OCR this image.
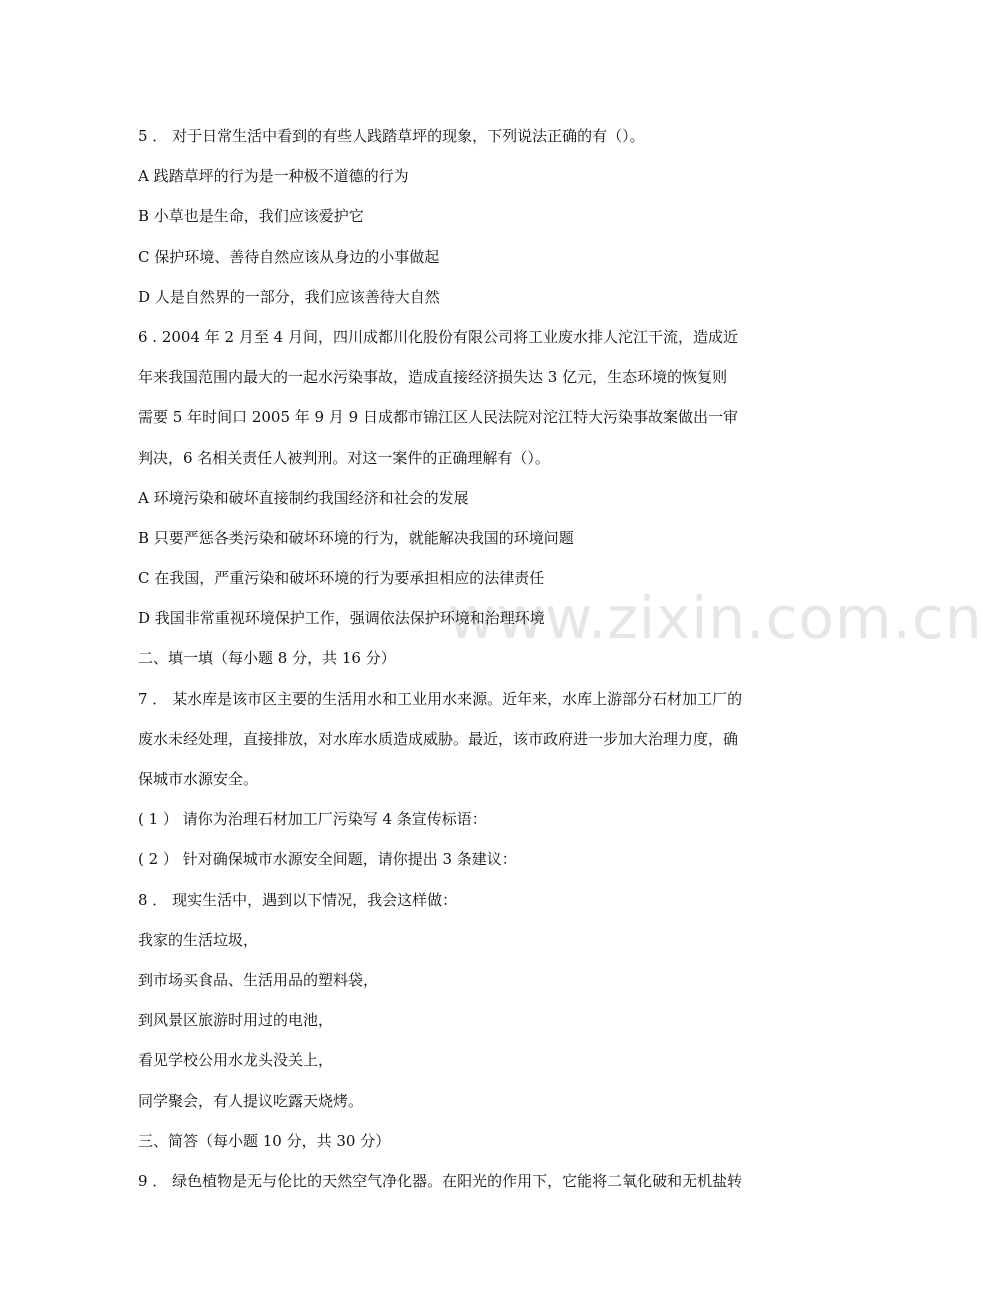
www.zixin.com.cn
5 ． 对于日常生活中看到的有些人践踏草坪的现象，下列说法正确的有（）。
A 践踏草坪的行为是一种极不道德的行为
B 小草也是生命，我们应该爱护它
C 保护环境、善待自然应该从身边的小事做起
D 人是自然界的一部分，我们应该善待大自然
6 . 2004 年 2 月至 4 月间，四川成都川化股份有限公司将工业废水排人沱江干流，造成近
年来我国范围内最大的一起水污染事故，造成直接经济损失达 3 亿元，生态环境的恢复则
需要 5 年时间口 2005 年 9 月 9 日成都市锦江区人民法院对沱江特大污染事故案做出一审
判决，6 名相关责任人被判刑。对这一案件的正确理解有（）。
A 环境污染和破坏直接制约我国经济和社会的发展
B 只要严惩各类污染和破坏环境的行为，就能解决我国的环境问题
C 在我国，严重污染和破坏环境的行为要承担相应的法律责任
D 我国非常重视环境保护工作，强调依法保护环境和治理环境
二、填一填（每小题 8 分，共 16 分）
7 ． 某水库是该市区主要的生活用水和工业用水来源。近年来，水库上游部分石材加工厂的
废水未经处理，直接排放，对水库水质造成威胁。最近，该市政府进一步加大治理力度，确
保城市水源安全。
( 1 ） 请你为治理石材加工厂污染写 4 条宣传标语：
( 2 ） 针对确保城市水源安全间题，请你提出 3 条建议：
8 ． 现实生活中，遇到以下情况，我会这样做：
我家的生活垃圾，
到市场买食品、生活用品的塑料袋，
到风景区旅游时用过的电池，
看见学校公用水龙头没关上，
同学聚会，有人提议吃露天烧烤。
三、简答（每小题 10 分，共 30 分）
9 ． 绿色植物是无与伦比的天然空气净化器。在阳光的作用下，它能将二氧化破和无机盐转
